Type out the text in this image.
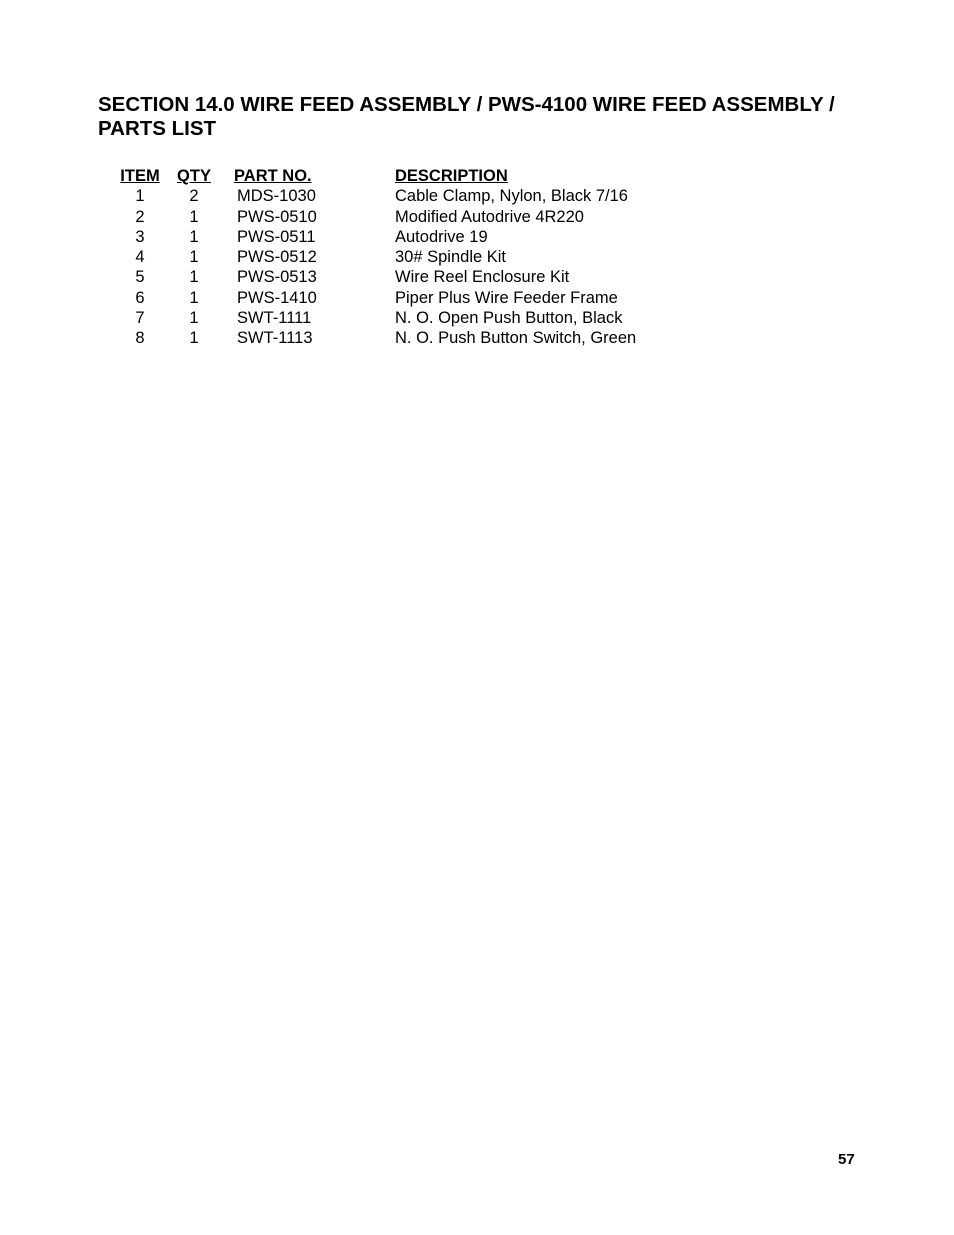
SECTION 14.0 WIRE FEED ASSEMBLY / PWS-4100 WIRE FEED ASSEMBLY / PARTS LIST
ITEM	QTY	PART NO.	DESCRIPTION
1	2	MDS-1030	Cable Clamp, Nylon, Black 7/16
2	1	PWS-0510	Modified Autodrive 4R220
3	1	PWS-0511	Autodrive 19
4	1	PWS-0512	30# Spindle Kit
5	1	PWS-0513	Wire Reel Enclosure Kit
6	1	PWS-1410	Piper Plus Wire Feeder Frame
7	1	SWT-1111	N. O. Open Push Button, Black
8	1	SWT-1113	N. O. Push Button Switch, Green
57
